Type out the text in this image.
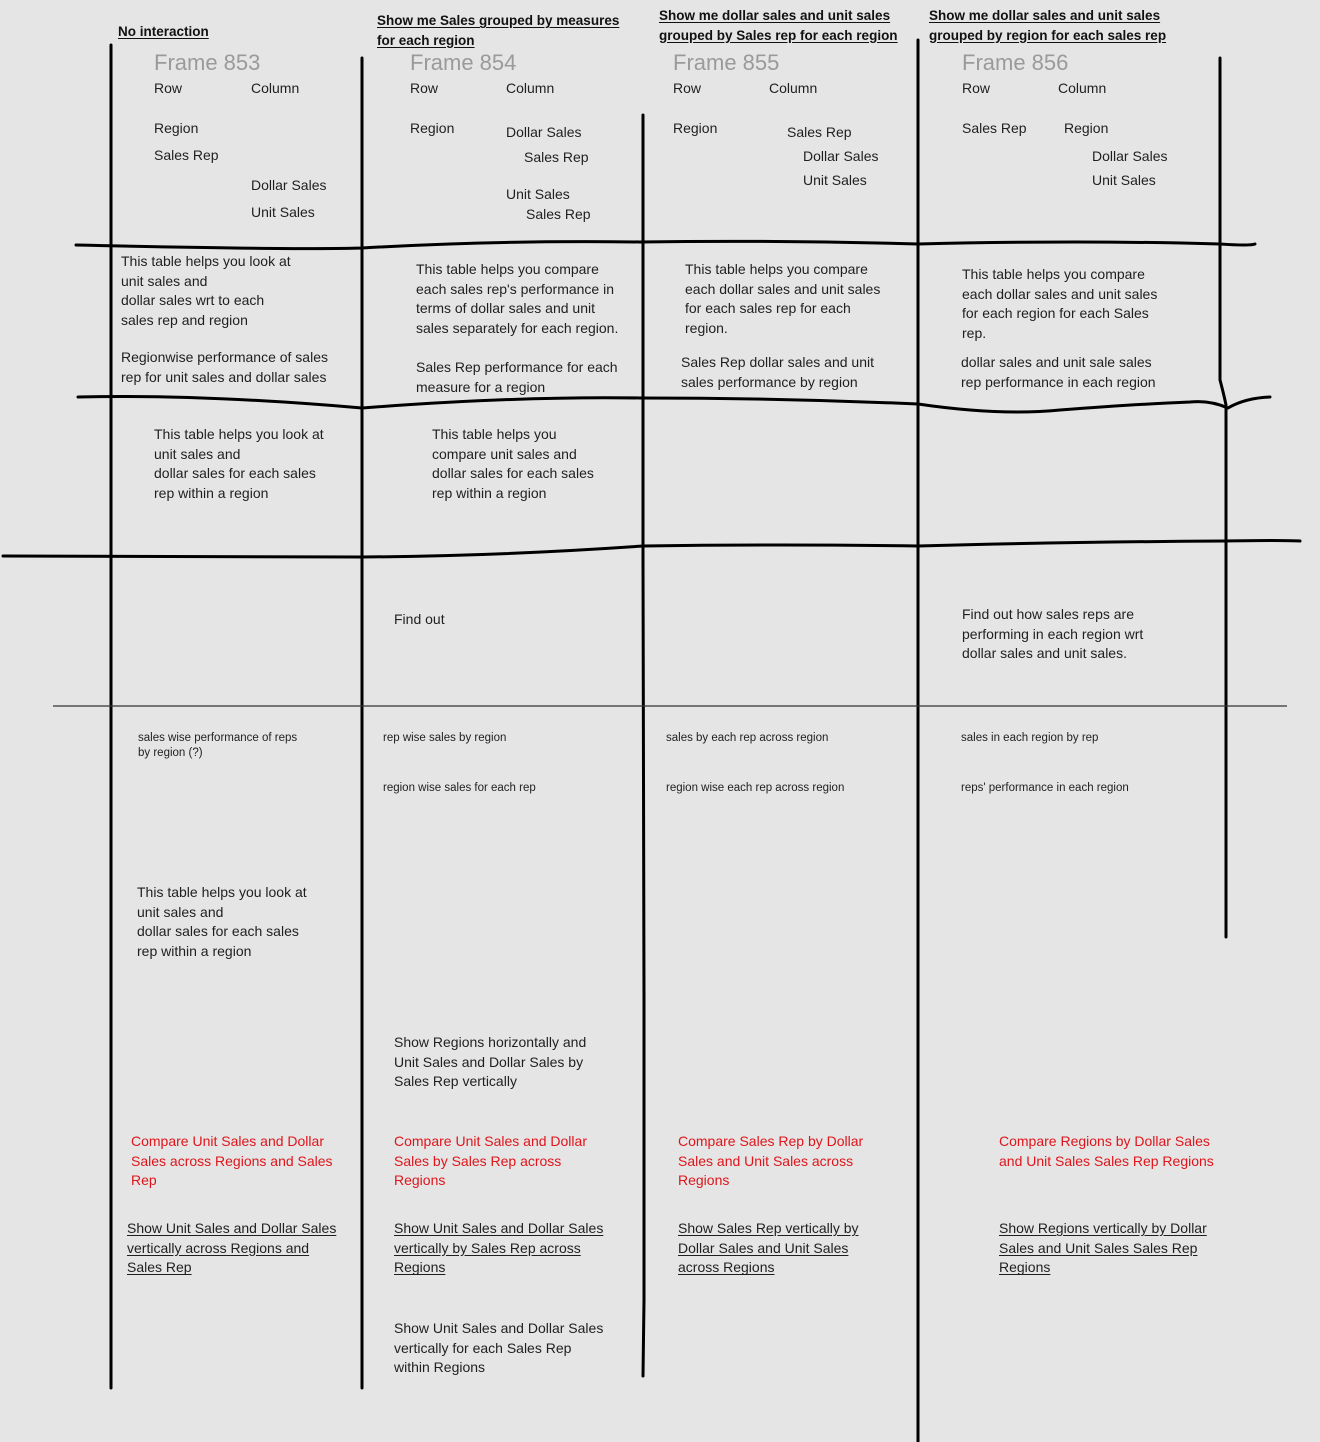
No interaction
Show me Sales grouped by measures
for each region
Show me dollar sales and unit sales
grouped by Sales rep for each region
Show me dollar sales and unit sales
grouped by region for each sales rep
Frame 853	Frame 854	Frame 855	Frame 856
Row	Column
Region
Sales Rep
Dollar Sales
Unit Sales
Row	Column
Region	Dollar Sales
Sales Rep
Unit Sales
Sales Rep
Row	Column
Region	Sales Rep
Dollar Sales
Unit Sales
Row	Column
Sales Rep	Region
Dollar Sales
Unit Sales
This table helps you look at
unit sales and
dollar sales wrt to each
sales rep and region
Regionwise performance of sales
rep for unit sales and dollar sales
This table helps you compare
each sales rep's performance in
terms of dollar sales and unit
sales separately for each region.
Sales Rep performance for each
measure for a region
This table helps you compare
each dollar sales and unit sales
for each sales rep for each
region.
Sales Rep dollar sales and unit
sales performance by region
This table helps you compare
each dollar sales and unit sales
for each region for each Sales
rep.
dollar sales and unit sale sales
rep performance in each region
This table helps you look at
unit sales and
dollar sales for each sales
rep within a region
This table helps you
compare unit sales and
dollar sales for each sales
rep within a region
Find out	Find out how sales reps are
performing in each region wrt
dollar sales and unit sales.
sales wise performance of reps
by region (?)
rep wise sales by region
region wise sales for each rep
sales by each rep across region
region wise each rep across region
sales in each region by rep
reps' performance in each region
This table helps you look at
unit sales and
dollar sales for each sales
rep within a region
Show Regions horizontally and
Unit Sales and Dollar Sales by
Sales Rep vertically
Compare Unit Sales and Dollar
Sales across Regions and Sales
Rep
Compare Unit Sales and Dollar
Sales by Sales Rep across
Regions
Compare Sales Rep by Dollar
Sales and Unit Sales across
Regions
Compare Regions by Dollar Sales
and Unit Sales Sales Rep Regions
Show Unit Sales and Dollar Sales
vertically across Regions and
Sales Rep
Show Unit Sales and Dollar Sales
vertically by Sales Rep across
Regions
Show Sales Rep vertically by
Dollar Sales and Unit Sales
across Regions
Show Regions vertically by Dollar
Sales and Unit Sales Sales Rep
Regions
Show Unit Sales and Dollar Sales
vertically for each Sales Rep
within Regions
